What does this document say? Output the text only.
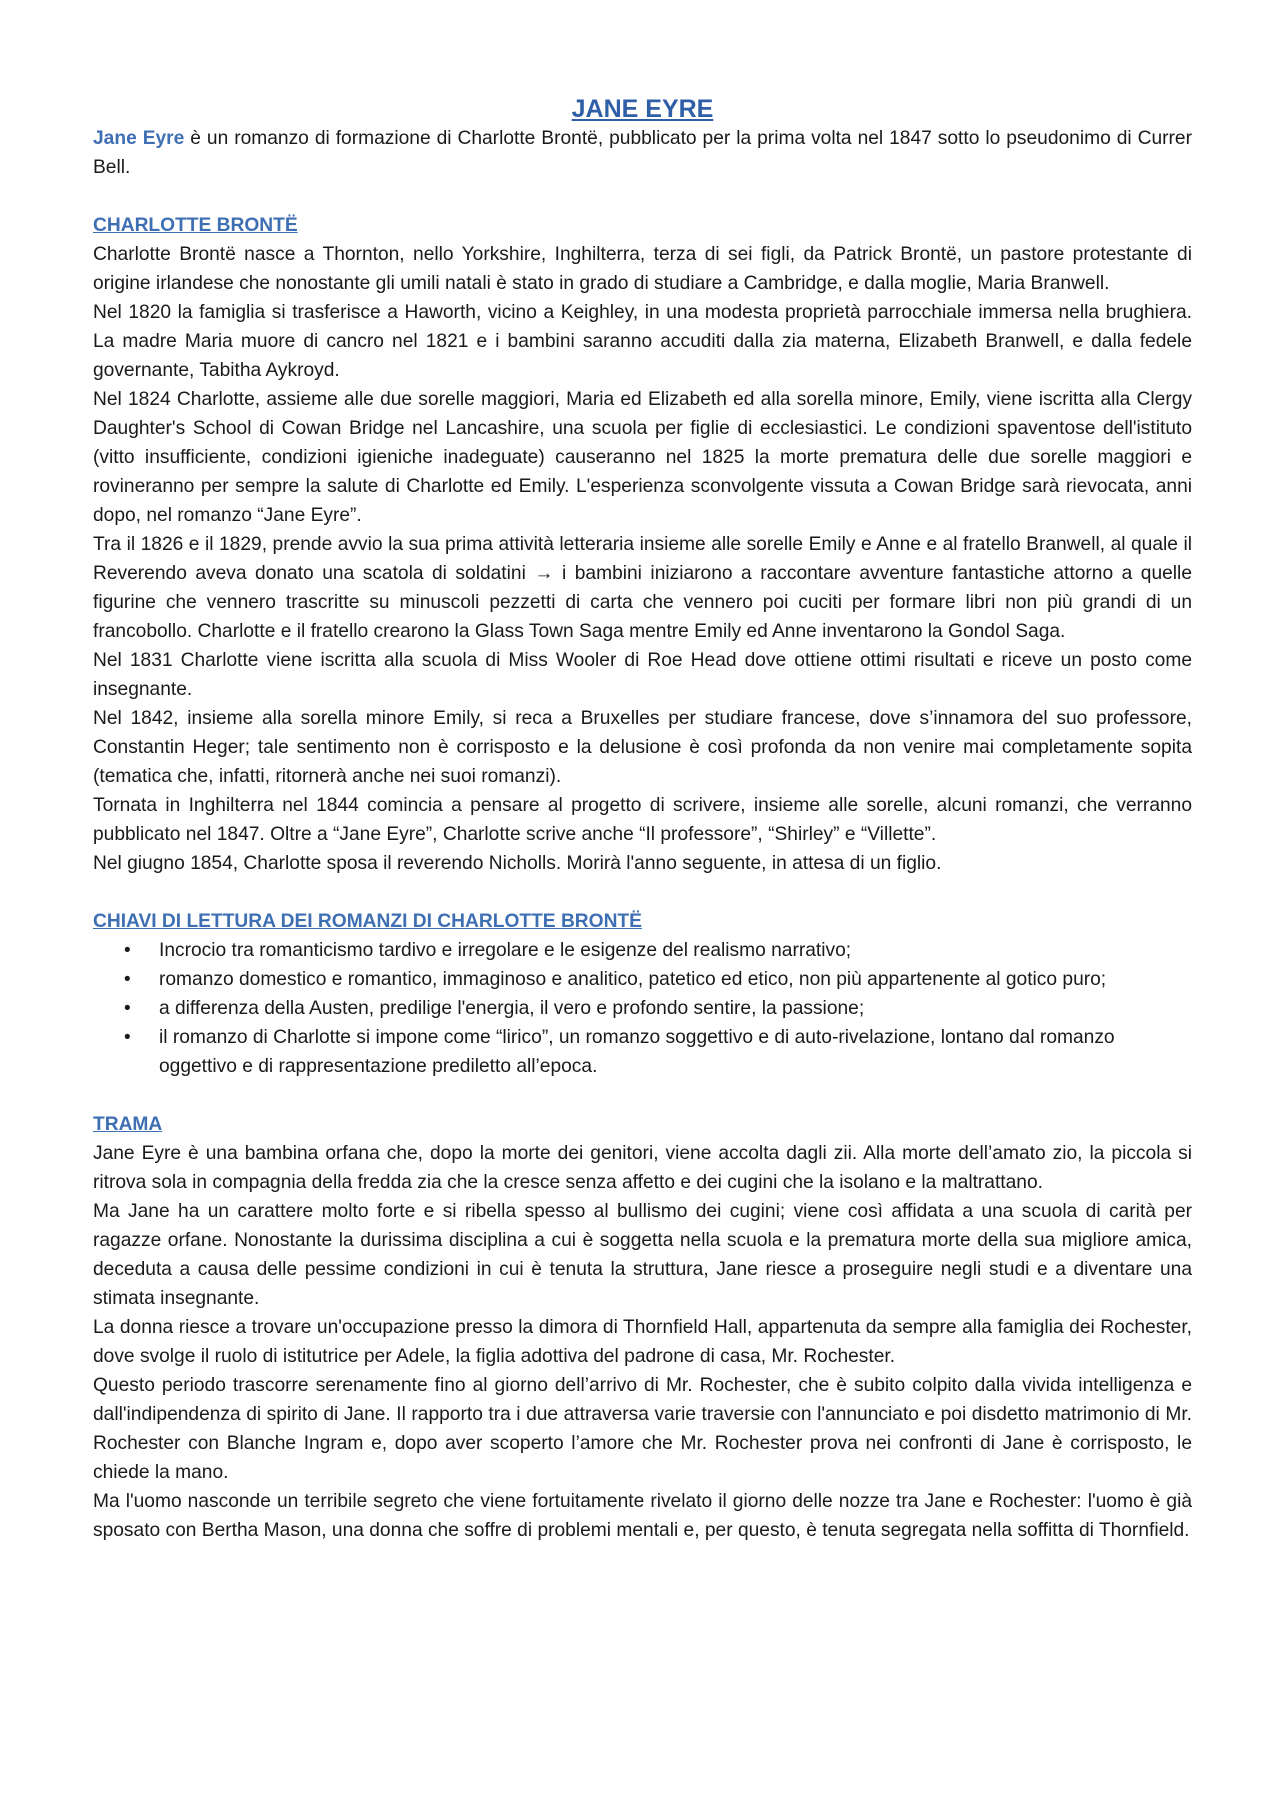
JANE EYRE

Jane Eyre è un romanzo di formazione di Charlotte Brontë, pubblicato per la prima volta nel 1847 sotto lo pseudonimo di Currer Bell.

CHARLOTTE BRONTË

Charlotte Brontë nasce a Thornton, nello Yorkshire, Inghilterra, terza di sei figli, da Patrick Brontë, un pastore protestante di origine irlandese che nonostante gli umili natali è stato in grado di studiare a Cambridge, e dalla moglie, Maria Branwell.

Nel 1820 la famiglia si trasferisce a Haworth, vicino a Keighley, in una modesta proprietà parrocchiale immersa nella brughiera. La madre Maria muore di cancro nel 1821 e i bambini saranno accuditi dalla zia materna, Elizabeth Branwell, e dalla fedele governante, Tabitha Aykroyd.

Nel 1824 Charlotte, assieme alle due sorelle maggiori, Maria ed Elizabeth ed alla sorella minore, Emily, viene iscritta alla Clergy Daughter's School di Cowan Bridge nel Lancashire, una scuola per figlie di ecclesiastici. Le condizioni spaventose dell'istituto (vitto insufficiente, condizioni igieniche inadeguate) causeranno nel 1825 la morte prematura delle due sorelle maggiori e rovineranno per sempre la salute di Charlotte ed Emily. L'esperienza sconvolgente vissuta a Cowan Bridge sarà rievocata, anni dopo, nel romanzo “Jane Eyre”.

Tra il 1826 e il 1829, prende avvio la sua prima attività letteraria insieme alle sorelle Emily e Anne e al fratello Branwell, al quale il Reverendo aveva donato una scatola di soldatini → i bambini iniziarono a raccontare avventure fantastiche attorno a quelle figurine che vennero trascritte su minuscoli pezzetti di carta che vennero poi cuciti per formare libri non più grandi di un francobollo. Charlotte e il fratello crearono la Glass Town Saga mentre Emily ed Anne inventarono la Gondol Saga.

Nel 1831 Charlotte viene iscritta alla scuola di Miss Wooler di Roe Head dove ottiene ottimi risultati e riceve un posto come insegnante.

Nel 1842, insieme alla sorella minore Emily, si reca a Bruxelles per studiare francese, dove s’innamora del suo professore, Constantin Heger; tale sentimento non è corrisposto e la delusione è così profonda da non venire mai completamente sopita (tematica che, infatti, ritornerà anche nei suoi romanzi).

Tornata in Inghilterra nel 1844 comincia a pensare al progetto di scrivere, insieme alle sorelle, alcuni romanzi, che verranno pubblicato nel 1847. Oltre a “Jane Eyre”, Charlotte scrive anche “Il professore”, “Shirley” e “Villette”.

Nel giugno 1854, Charlotte sposa il reverendo Nicholls. Morirà l'anno seguente, in attesa di un figlio.

CHIAVI DI LETTURA DEI ROMANZI DI CHARLOTTE BRONTË
• Incrocio tra romanticismo tardivo e irregolare e le esigenze del realismo narrativo;
• romanzo domestico e romantico, immaginoso e analitico, patetico ed etico, non più appartenente al gotico puro;
• a differenza della Austen, predilige l'energia, il vero e profondo sentire, la passione;
• il romanzo di Charlotte si impone come “lirico”, un romanzo soggettivo e di auto-rivelazione, lontano dal romanzo oggettivo e di rappresentazione prediletto all’epoca.
TRAMA

Jane Eyre è una bambina orfana che, dopo la morte dei genitori, viene accolta dagli zii. Alla morte dell’amato zio, la piccola si ritrova sola in compagnia della fredda zia che la cresce senza affetto e dei cugini che la isolano e la maltrattano.

Ma Jane ha un carattere molto forte e si ribella spesso al bullismo dei cugini; viene così affidata a una scuola di carità per ragazze orfane. Nonostante la durissima disciplina a cui è soggetta nella scuola e la prematura morte della sua migliore amica, deceduta a causa delle pessime condizioni in cui è tenuta la struttura, Jane riesce a proseguire negli studi e a diventare una stimata insegnante.

La donna riesce a trovare un'occupazione presso la dimora di Thornfield Hall, appartenuta da sempre alla famiglia dei Rochester, dove svolge il ruolo di istitutrice per Adele, la figlia adottiva del padrone di casa, Mr. Rochester.

Questo periodo trascorre serenamente fino al giorno dell’arrivo di Mr. Rochester, che è subito colpito dalla vivida intelligenza e dall'indipendenza di spirito di Jane. Il rapporto tra i due attraversa varie traversie con l'annunciato e poi disdetto matrimonio di Mr. Rochester con Blanche Ingram e, dopo aver scoperto l’amore che Mr. Rochester prova nei confronti di Jane è corrisposto, le chiede la mano.

Ma l'uomo nasconde un terribile segreto che viene fortuitamente rivelato il giorno delle nozze tra Jane e Rochester: l'uomo è già sposato con Bertha Mason, una donna che soffre di problemi mentali e, per questo, è tenuta segregata nella soffitta di Thornfield.
